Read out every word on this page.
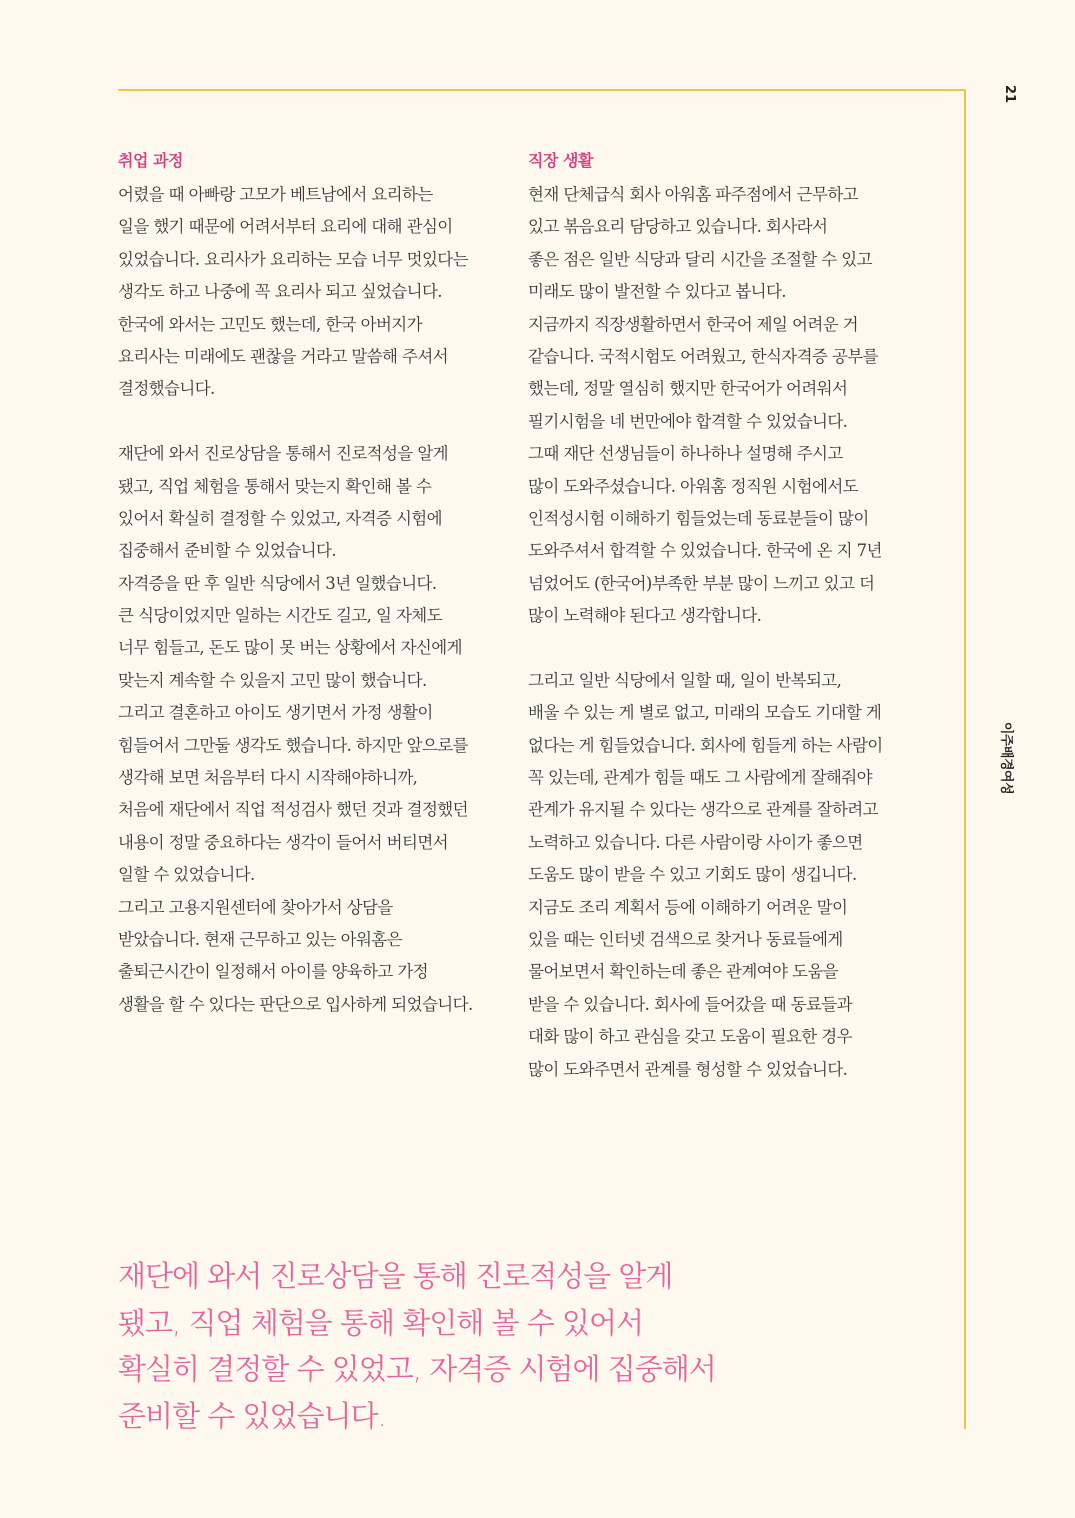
21
이주배경여성
취업 과정
어렸을 때 아빠랑 고모가 베트남에서 요리하는
일을 했기 때문에 어려서부터 요리에 대해 관심이
있었습니다. 요리사가 요리하는 모습 너무 멋있다는
생각도 하고 나중에 꼭 요리사 되고 싶었습니다.
한국에 와서는 고민도 했는데, 한국 아버지가
요리사는 미래에도 괜찮을 거라고 말씀해 주셔서
결정했습니다.
재단에 와서 진로상담을 통해서 진로적성을 알게
됐고, 직업 체험을 통해서 맞는지 확인해 볼 수
있어서 확실히 결정할 수 있었고, 자격증 시험에
집중해서 준비할 수 있었습니다.
자격증을 딴 후 일반 식당에서 3년 일했습니다.
큰 식당이었지만 일하는 시간도 길고, 일 자체도
너무 힘들고, 돈도 많이 못 버는 상황에서 자신에게
맞는지 계속할 수 있을지 고민 많이 했습니다.
그리고 결혼하고 아이도 생기면서 가정 생활이
힘들어서 그만둘 생각도 했습니다. 하지만 앞으로를
생각해 보면 처음부터 다시 시작해야하니까,
처음에 재단에서 직업 적성검사 했던 것과 결정했던
내용이 정말 중요하다는 생각이 들어서 버티면서
일할 수 있었습니다.
그리고 고용지원센터에 찾아가서 상담을
받았습니다. 현재 근무하고 있는 아워홈은
출퇴근시간이 일정해서 아이를 양육하고 가정
생활을 할 수 있다는 판단으로 입사하게 되었습니다.
직장 생활
현재 단체급식 회사 아워홈 파주점에서 근무하고
있고 볶음요리 담당하고 있습니다. 회사라서
좋은 점은 일반 식당과 달리 시간을 조절할 수 있고
미래도 많이 발전할 수 있다고 봅니다.
지금까지 직장생활하면서 한국어 제일 어려운 거
같습니다. 국적시험도 어려웠고, 한식자격증 공부를
했는데, 정말 열심히 했지만 한국어가 어려워서
필기시험을 네 번만에야 합격할 수 있었습니다.
그때 재단 선생님들이 하나하나 설명해 주시고
많이 도와주셨습니다. 아워홈 정직원 시험에서도
인적성시험 이해하기 힘들었는데 동료분들이 많이
도와주셔서 합격할 수 있었습니다. 한국에 온 지 7년
넘었어도 (한국어)부족한 부분 많이 느끼고 있고 더
많이 노력해야 된다고 생각합니다.
그리고 일반 식당에서 일할 때, 일이 반복되고,
배울 수 있는 게 별로 없고, 미래의 모습도 기대할 게
없다는 게 힘들었습니다. 회사에 힘들게 하는 사람이
꼭 있는데, 관계가 힘들 때도 그 사람에게 잘해줘야
관계가 유지될 수 있다는 생각으로 관계를 잘하려고
노력하고 있습니다. 다른 사람이랑 사이가 좋으면
도움도 많이 받을 수 있고 기회도 많이 생깁니다.
지금도 조리 계획서 등에 이해하기 어려운 말이
있을 때는 인터넷 검색으로 찾거나 동료들에게
물어보면서 확인하는데 좋은 관계여야 도움을
받을 수 있습니다. 회사에 들어갔을 때 동료들과
대화 많이 하고 관심을 갖고 도움이 필요한 경우
많이 도와주면서 관계를 형성할 수 있었습니다.
재단에 와서 진로상담을 통해 진로적성을 알게
됐고, 직업 체험을 통해 확인해 볼 수 있어서
확실히 결정할 수 있었고, 자격증 시험에 집중해서
준비할 수 있었습니다.
